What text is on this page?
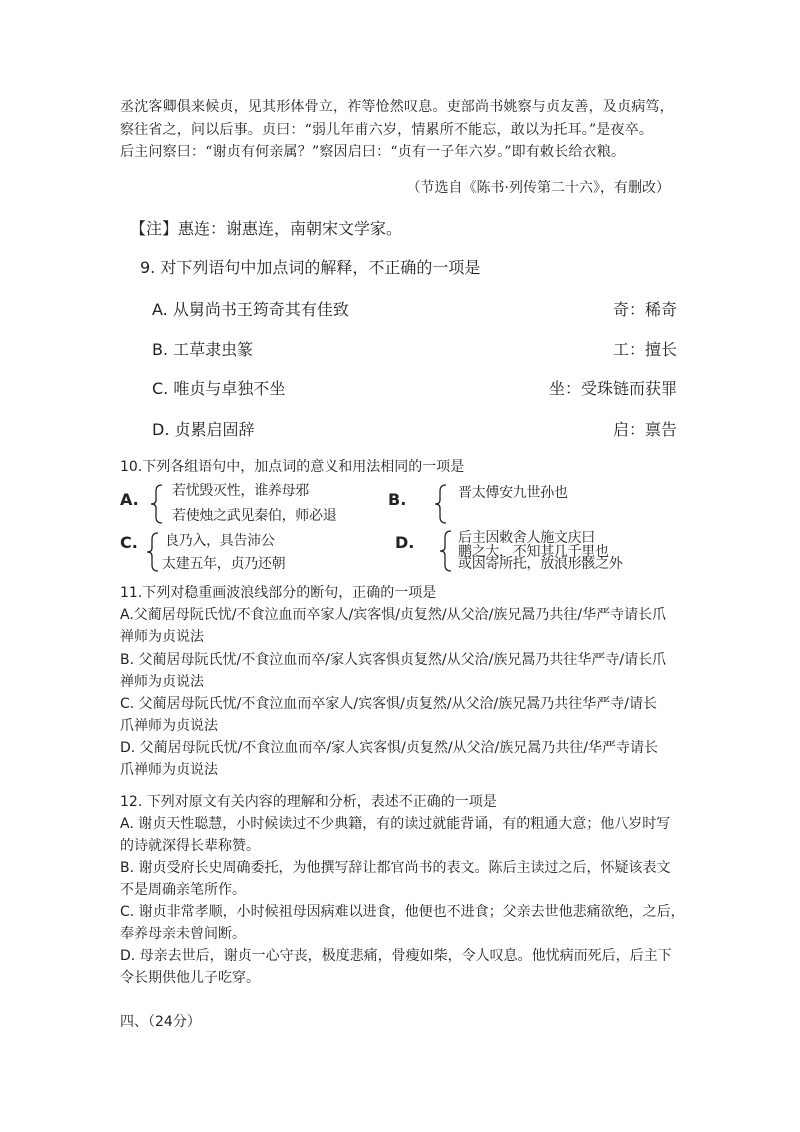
丞沈客卿俱来候贞，见其形体骨立，祚等怆然叹息。吏部尚书姚察与贞友善，及贞病笃，
察往省之，问以后事。贞曰：“弱儿年甫六岁，情累所不能忘，敢以为托耳。”是夜卒。
后主问察曰：“谢贞有何亲属？”察因启曰：“贞有一子年六岁。”即有敕长给衣粮。
（节选自《陈书·列传第二十六》，有删改）
【注】惠连：谢惠连，南朝宋文学家。
9. 对下列语句中加点词的解释，不正确的一项是
A. 从舅尚书王筠奇其有佳致	奇：稀奇
B. 工草隶虫篆	工：擅长
C. 唯贞与卓独不坐	坐：受珠链而获罪
D. 贞累启固辞	启：禀告
10.下列各组语句中，加点词的意义和用法相同的一项是
A. 若忧毁灭性，谁养母邪
若使烛之武见秦伯，师必退
B.	晋太傅安九世孙也
C. 良乃入，具告沛公
太建五年，贞乃还朝
D.	后主因敕舍人施文庆曰
鹏之大，不知其几千里也
或因寄所托，放浪形骸之外
11.下列对稳重画波浪线部分的断句，正确的一项是
A.父蔺居母阮氏忧/不食泣血而卒家人/宾客惧/贞复然/从父洽/族兄暠乃共往/华严寺请长爪
禅师为贞说法
B. 父蔺居母阮氏忧/不食泣血而卒/家人宾客惧贞复然/从父洽/族兄暠乃共往华严寺/请长爪
禅师为贞说法
C. 父蔺居母阮氏忧/不食泣血而卒家人/宾客惧/贞复然/从父洽/族兄暠乃共往华严寺/请长
爪禅师为贞说法
D. 父蔺居母阮氏忧/不食泣血而卒/家人宾客惧/贞复然/从父洽/族兄暠乃共往/华严寺请长
爪禅师为贞说法
12. 下列对原文有关内容的理解和分析，表述不正确的一项是
A. 谢贞天性聪慧，小时候读过不少典籍，有的读过就能背诵，有的粗通大意；他八岁时写
的诗就深得长辈称赞。
B. 谢贞受府长史周确委托，为他撰写辞让都官尚书的表文。陈后主读过之后，怀疑该表文
不是周确亲笔所作。
C. 谢贞非常孝顺，小时候祖母因病难以进食，他便也不进食；父亲去世他悲痛欲绝，之后，
奉养母亲未曾间断。
D. 母亲去世后，谢贞一心守丧，极度悲痛，骨瘦如柴，令人叹息。他忧病而死后，后主下
令长期供他儿子吃穿。
四、（24分）
